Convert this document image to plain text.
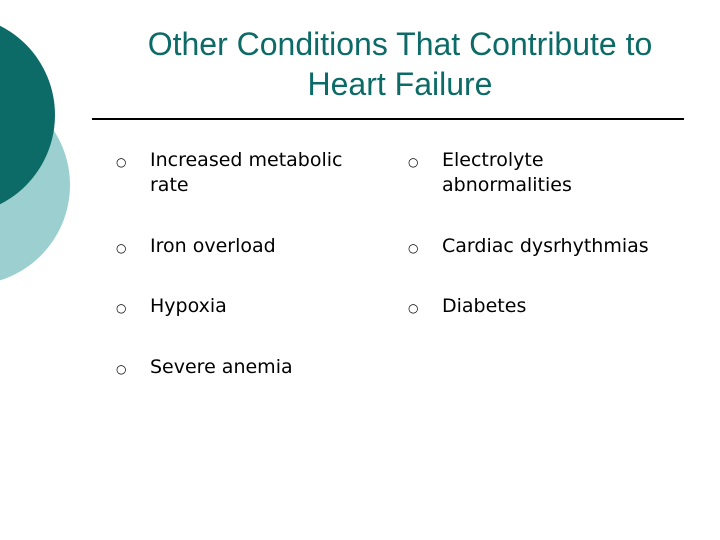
Other Conditions That Contribute to Heart Failure
○	Increased metabolic rate
○	Iron overload
○	Hypoxia
○	Severe anemia
○	Electrolyte abnormalities
○	Cardiac dysrhythmias
○	Diabetes
